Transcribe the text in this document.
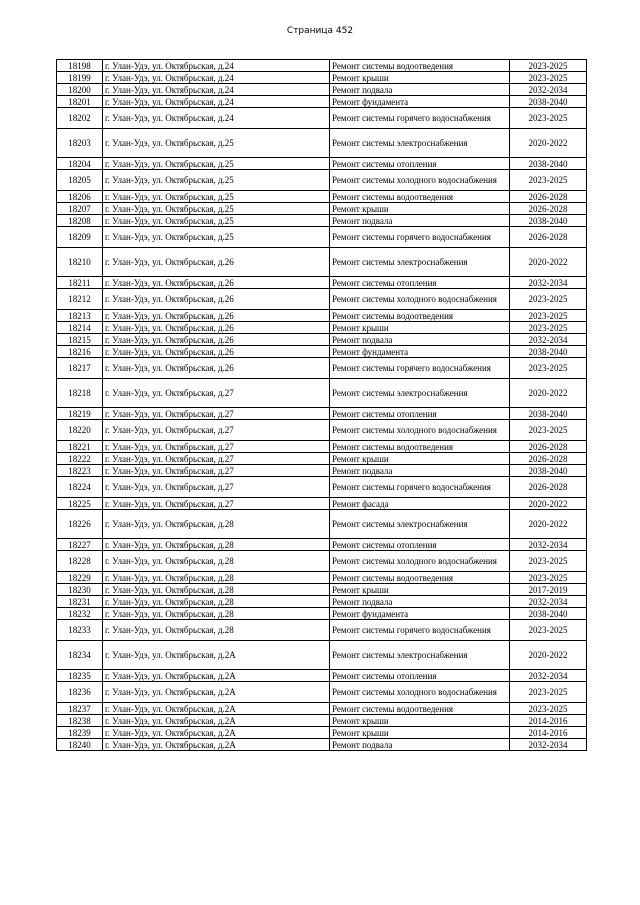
Страница 452
18198	г. Улан-Удэ, ул. Октябрьская, д.24	Ремонт системы водоотведения	2023-2025
18199	г. Улан-Удэ, ул. Октябрьская, д.24	Ремонт крыши	2023-2025
18200	г. Улан-Удэ, ул. Октябрьская, д.24	Ремонт подвала	2032-2034
18201	г. Улан-Удэ, ул. Октябрьская, д.24	Ремонт фундамента	2038-2040
18202	г. Улан-Удэ, ул. Октябрьская, д.24	Ремонт системы горячего водоснабжения	2023-2025
18203	г. Улан-Удэ, ул. Октябрьская, д.25	Ремонт системы электроснабжения	2020-2022
18204	г. Улан-Удэ, ул. Октябрьская, д.25	Ремонт системы отопления	2038-2040
18205	г. Улан-Удэ, ул. Октябрьская, д.25	Ремонт системы холодного водоснабжения	2023-2025
18206	г. Улан-Удэ, ул. Октябрьская, д.25	Ремонт системы водоотведения	2026-2028
18207	г. Улан-Удэ, ул. Октябрьская, д.25	Ремонт крыши	2026-2028
18208	г. Улан-Удэ, ул. Октябрьская, д.25	Ремонт подвала	2038-2040
18209	г. Улан-Удэ, ул. Октябрьская, д.25	Ремонт системы горячего водоснабжения	2026-2028
18210	г. Улан-Удэ, ул. Октябрьская, д.26	Ремонт системы электроснабжения	2020-2022
18211	г. Улан-Удэ, ул. Октябрьская, д.26	Ремонт системы отопления	2032-2034
18212	г. Улан-Удэ, ул. Октябрьская, д.26	Ремонт системы холодного водоснабжения	2023-2025
18213	г. Улан-Удэ, ул. Октябрьская, д.26	Ремонт системы водоотведения	2023-2025
18214	г. Улан-Удэ, ул. Октябрьская, д.26	Ремонт крыши	2023-2025
18215	г. Улан-Удэ, ул. Октябрьская, д.26	Ремонт подвала	2032-2034
18216	г. Улан-Удэ, ул. Октябрьская, д.26	Ремонт фундамента	2038-2040
18217	г. Улан-Удэ, ул. Октябрьская, д.26	Ремонт системы горячего водоснабжения	2023-2025
18218	г. Улан-Удэ, ул. Октябрьская, д.27	Ремонт системы электроснабжения	2020-2022
18219	г. Улан-Удэ, ул. Октябрьская, д.27	Ремонт системы отопления	2038-2040
18220	г. Улан-Удэ, ул. Октябрьская, д.27	Ремонт системы холодного водоснабжения	2023-2025
18221	г. Улан-Удэ, ул. Октябрьская, д.27	Ремонт системы водоотведения	2026-2028
18222	г. Улан-Удэ, ул. Октябрьская, д.27	Ремонт крыши	2026-2028
18223	г. Улан-Удэ, ул. Октябрьская, д.27	Ремонт подвала	2038-2040
18224	г. Улан-Удэ, ул. Октябрьская, д.27	Ремонт системы горячего водоснабжения	2026-2028
18225	г. Улан-Удэ, ул. Октябрьская, д.27	Ремонт фасада	2020-2022
18226	г. Улан-Удэ, ул. Октябрьская, д.28	Ремонт системы электроснабжения	2020-2022
18227	г. Улан-Удэ, ул. Октябрьская, д.28	Ремонт системы отопления	2032-2034
18228	г. Улан-Удэ, ул. Октябрьская, д.28	Ремонт системы холодного водоснабжения	2023-2025
18229	г. Улан-Удэ, ул. Октябрьская, д.28	Ремонт системы водоотведения	2023-2025
18230	г. Улан-Удэ, ул. Октябрьская, д.28	Ремонт крыши	2017-2019
18231	г. Улан-Удэ, ул. Октябрьская, д.28	Ремонт подвала	2032-2034
18232	г. Улан-Удэ, ул. Октябрьская, д.28	Ремонт фундамента	2038-2040
18233	г. Улан-Удэ, ул. Октябрьская, д.28	Ремонт системы горячего водоснабжения	2023-2025
18234	г. Улан-Удэ, ул. Октябрьская, д.2А	Ремонт системы электроснабжения	2020-2022
18235	г. Улан-Удэ, ул. Октябрьская, д.2А	Ремонт системы отопления	2032-2034
18236	г. Улан-Удэ, ул. Октябрьская, д.2А	Ремонт системы холодного водоснабжения	2023-2025
18237	г. Улан-Удэ, ул. Октябрьская, д.2А	Ремонт системы водоотведения	2023-2025
18238	г. Улан-Удэ, ул. Октябрьская, д.2А	Ремонт крыши	2014-2016
18239	г. Улан-Удэ, ул. Октябрьская, д.2А	Ремонт крыши	2014-2016
18240	г. Улан-Удэ, ул. Октябрьская, д.2А	Ремонт подвала	2032-2034
